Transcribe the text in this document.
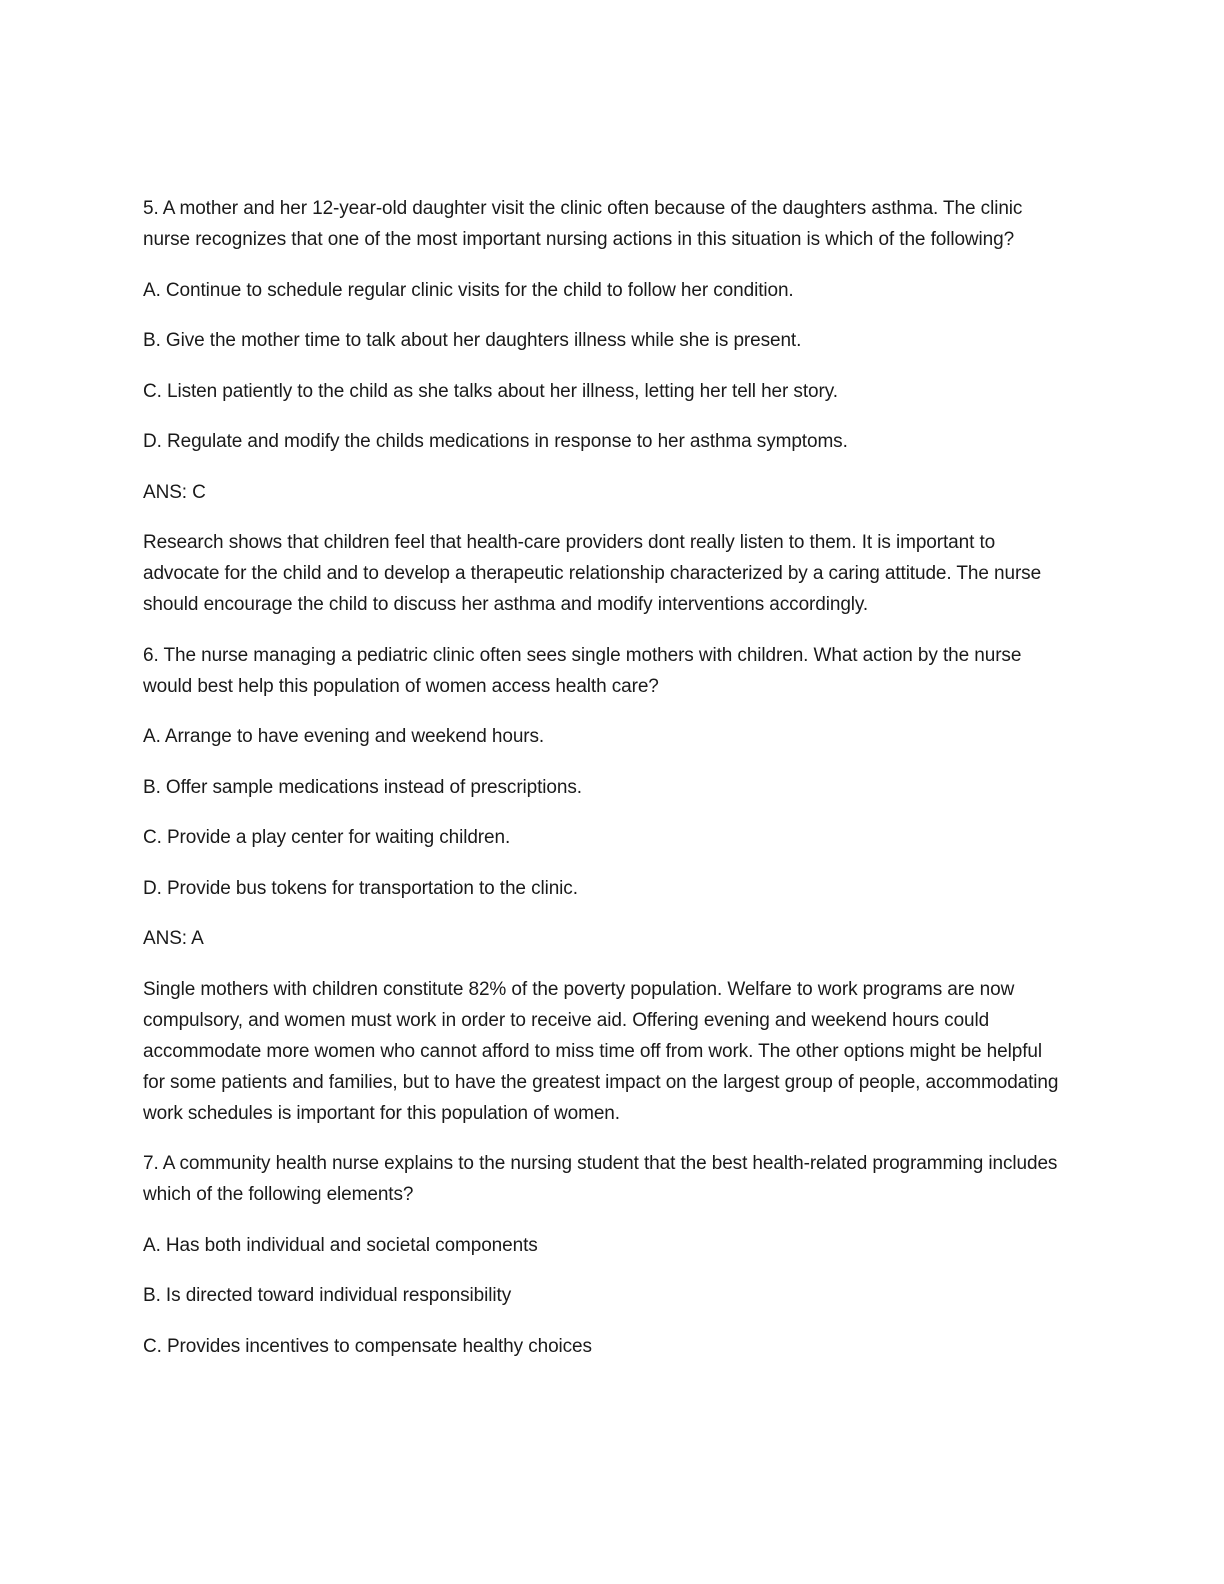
5. A mother and her 12-year-old daughter visit the clinic often because of the daughters asthma. The clinic nurse recognizes that one of the most important nursing actions in this situation is which of the following?

A. Continue to schedule regular clinic visits for the child to follow her condition.

B. Give the mother time to talk about her daughters illness while she is present.

C. Listen patiently to the child as she talks about her illness, letting her tell her story.

D. Regulate and modify the childs medications in response to her asthma symptoms.

ANS: C

Research shows that children feel that health-care providers dont really listen to them. It is important to advocate for the child and to develop a therapeutic relationship characterized by a caring attitude. The nurse should encourage the child to discuss her asthma and modify interventions accordingly.

6. The nurse managing a pediatric clinic often sees single mothers with children. What action by the nurse would best help this population of women access health care?

A. Arrange to have evening and weekend hours.

B. Offer sample medications instead of prescriptions.

C. Provide a play center for waiting children.

D. Provide bus tokens for transportation to the clinic.

ANS: A

Single mothers with children constitute 82% of the poverty population. Welfare to work programs are now compulsory, and women must work in order to receive aid. Offering evening and weekend hours could accommodate more women who cannot afford to miss time off from work. The other options might be helpful for some patients and families, but to have the greatest impact on the largest group of people, accommodating work schedules is important for this population of women.

7. A community health nurse explains to the nursing student that the best health-related programming includes which of the following elements?

A. Has both individual and societal components

B. Is directed toward individual responsibility

C. Provides incentives to compensate healthy choices
